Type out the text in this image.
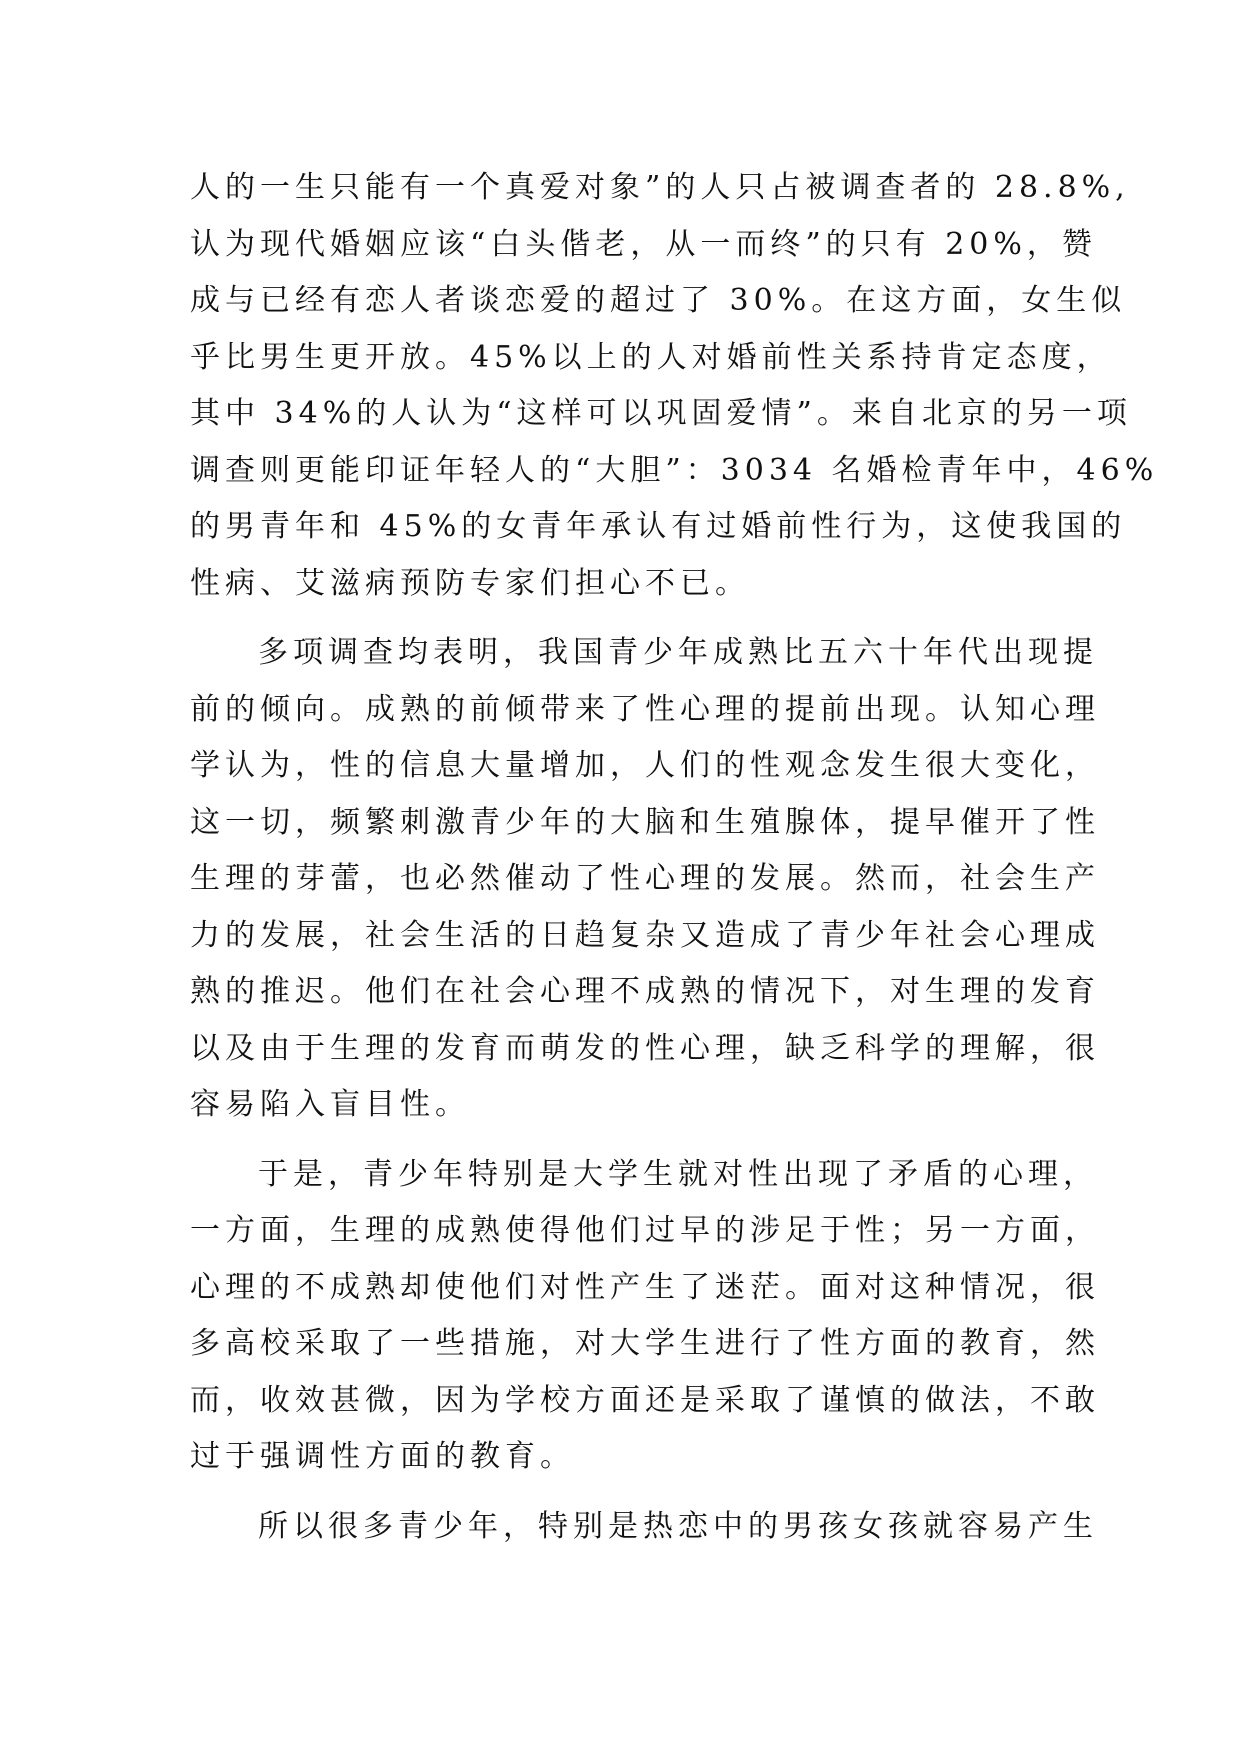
人的一生只能有一个真爱对象”的人只占被调查者的 28.8%,
认为现代婚姻应该“白头偕老，从一而终”的只有 20%，赞
成与已经有恋人者谈恋爱的超过了 30%。在这方面，女生似
乎比男生更开放。45%以上的人对婚前性关系持肯定态度，
其中 34%的人认为“这样可以巩固爱情”。来自北京的另一项
调查则更能印证年轻人的“大胆”：3034 名婚检青年中，46%
的男青年和 45%的女青年承认有过婚前性行为，这使我国的
性病、艾滋病预防专家们担心不已。
多项调查均表明，我国青少年成熟比五六十年代出现提
前的倾向。成熟的前倾带来了性心理的提前出现。认知心理
学认为，性的信息大量增加，人们的性观念发生很大变化，
这一切，频繁刺激青少年的大脑和生殖腺体，提早催开了性
生理的芽蕾，也必然催动了性心理的发展。然而，社会生产
力的发展，社会生活的日趋复杂又造成了青少年社会心理成
熟的推迟。他们在社会心理不成熟的情况下，对生理的发育
以及由于生理的发育而萌发的性心理，缺乏科学的理解，很
容易陷入盲目性。
于是，青少年特别是大学生就对性出现了矛盾的心理，
一方面，生理的成熟使得他们过早的涉足于性；另一方面，
心理的不成熟却使他们对性产生了迷茫。面对这种情况，很
多高校采取了一些措施，对大学生进行了性方面的教育，然
而，收效甚微，因为学校方面还是采取了谨慎的做法，不敢
过于强调性方面的教育。
所以很多青少年，特别是热恋中的男孩女孩就容易产生
